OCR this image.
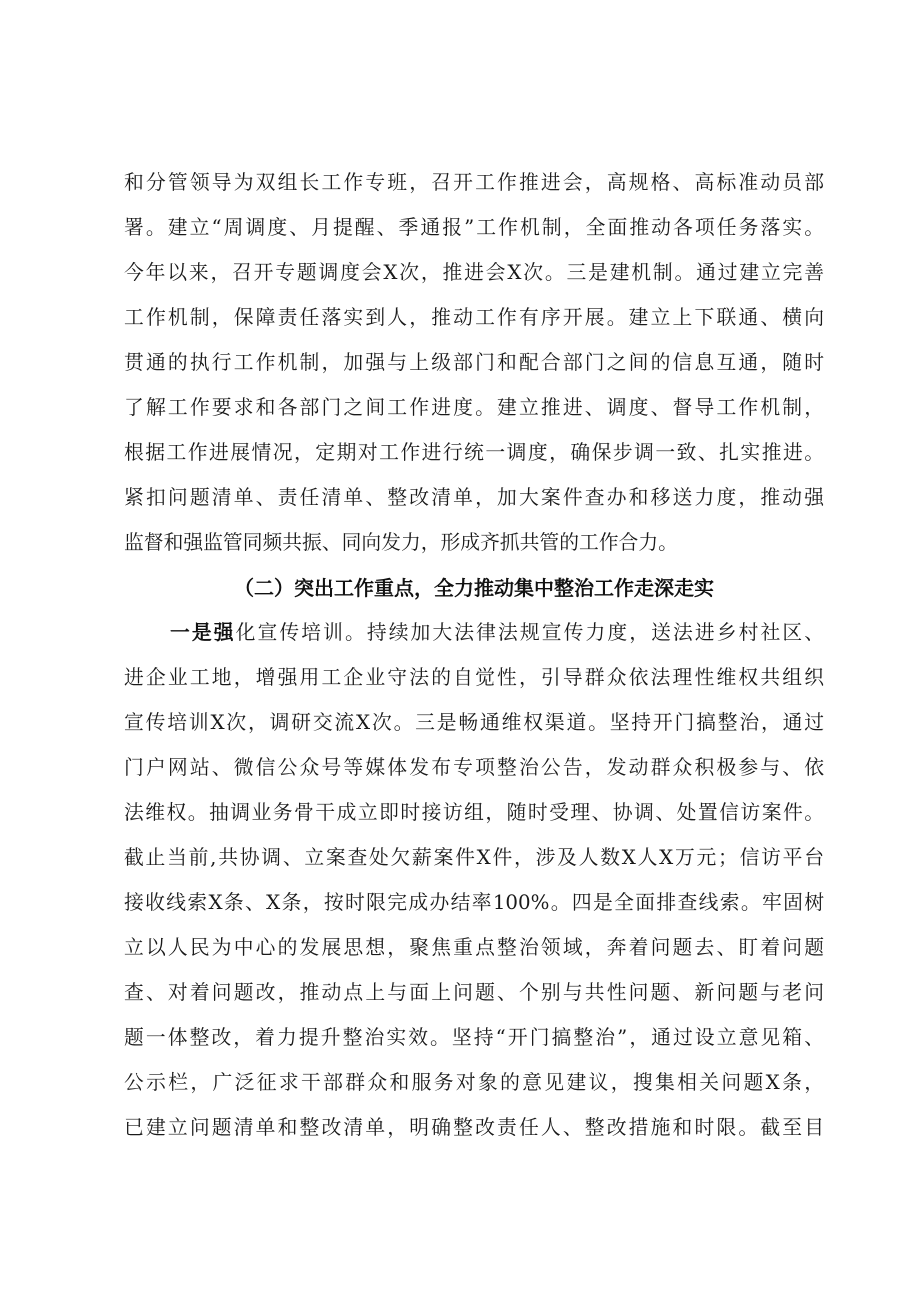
和分管领导为双组长工作专班，召开工作推进会，高规格、高标准动员部
署。建立“周调度、月提醒、季通报”工作机制，全面推动各项任务落实。
今年以来，召开专题调度会X次，推进会X次。三是建机制。通过建立完善
工作机制，保障责任落实到人，推动工作有序开展。建立上下联通、横向
贯通的执行工作机制，加强与上级部门和配合部门之间的信息互通，随时
了解工作要求和各部门之间工作进度。建立推进、调度、督导工作机制，
根据工作进展情况，定期对工作进行统一调度，确保步调一致、扎实推进。
紧扣问题清单、责任清单、整改清单，加大案件查办和移送力度，推动强
监督和强监管同频共振、同向发力，形成齐抓共管的工作合力。
（二）突出工作重点，全力推动集中整治工作走深走实
一是强化宣传培训。持续加大法律法规宣传力度，送法进乡村社区、
进企业工地，增强用工企业守法的自觉性，引导群众依法理性维权共组织
宣传培训X次，调研交流X次。三是畅通维权渠道。坚持开门搞整治，通过
门户网站、微信公众号等媒体发布专项整治公告，发动群众积极参与、依
法维权。抽调业务骨干成立即时接访组，随时受理、协调、处置信访案件。
截止当前,共协调、立案查处欠薪案件X件，涉及人数X人X万元；信访平台
接收线索X条、X条，按时限完成办结率100%。四是全面排查线索。牢固树
立以人民为中心的发展思想，聚焦重点整治领域，奔着问题去、盯着问题
查、对着问题改，推动点上与面上问题、个别与共性问题、新问题与老问
题一体整改，着力提升整治实效。坚持“开门搞整治”，通过设立意见箱、
公示栏，广泛征求干部群众和服务对象的意见建议，搜集相关问题X条，
已建立问题清单和整改清单，明确整改责任人、整改措施和时限。截至目
